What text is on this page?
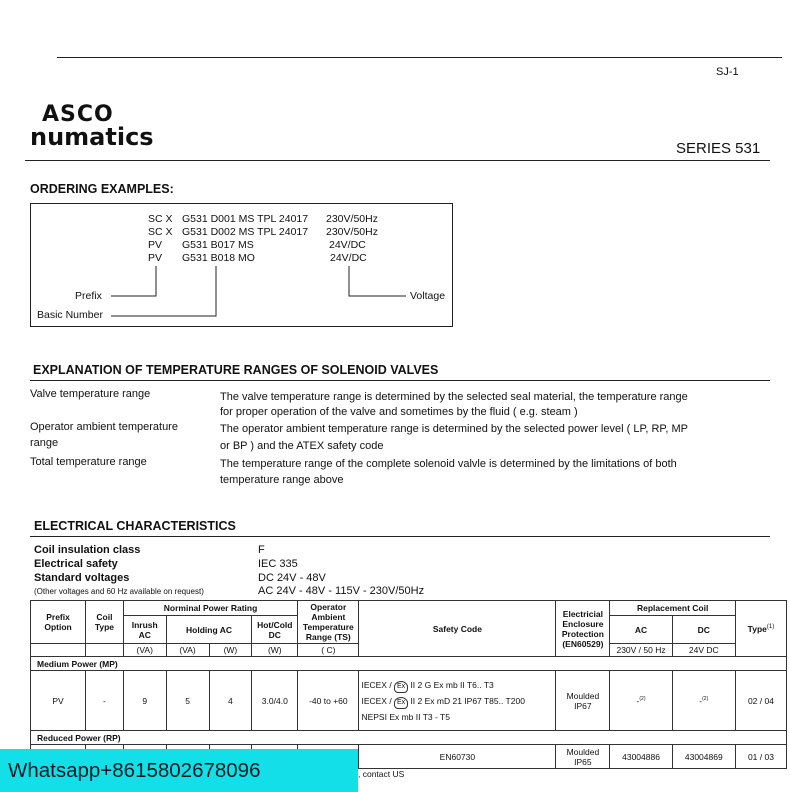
SJ-1
ASCO
numatics	SERIES 531
ORDERING EXAMPLES:
SC X G531 D001 MS TPL 24017 230V/50Hz
SC X G531 D002 MS TPL 24017 230V/50Hz
PV G531 B017 MS	24V/DC
PV G531 B018 MO	24V/DC
Prefix
Basic Number
Voltage
EXPLANATION OF TEMPERATURE RANGES OF SOLENOID VALVES
Valve temperature range	The valve temperature range is determined by the selected seal material, the temperature range
for proper operation of the valve and sometimes by the fluid ( e.g. steam )
Operator ambient temperature
range
The operator ambient temperature range is determined by the selected power level ( LP, RP, MP
or BP ) and the ATEX safety code
Total temperature range	The temperature range of the complete solenoid valvle is determined by the limitations of both
temperature range above
ELECTRICAL CHARACTERISTICS
Coil insulation class	F
Electrical safety	IEC 335
Standard voltages	DC 24V - 48V
(Other voltages and 60 Hz available on request)	AC 24V - 48V - 115V - 230V/50Hz
Prefix Option	Coil Type	Norminal Power Rating				Operator Ambient Temperature Range (TS)	Safety Code	Electricial Enclosure Protection (EN60529)	Replacement Coil		Type$^{(1)}$
		Inrush AC	Holding AC		Hot/Cold DC				AC	DC	

		(VA)	(VA)	(W)	(W)	( C)			230V / 50 Hz	24V DC	
Medium Power (MP)											
PV	-	9	5	4	3.0/4.0	-40 to +60	IECEX / Ex II 2 G Ex mb II T6.. T3
IECEX / Ex II 2 Ex mD 21 IP67 T85.. T200
NEPSI Ex mb II T3 - T5	Moulded IP67	-$^{(2)}$	-$^{(2)}$	02 / 04
Reduced Power (RP)											
							EN60730	Moulded IP65	43004886	43004869	01 / 03
, contact US
Whatsapp+8615802678096
